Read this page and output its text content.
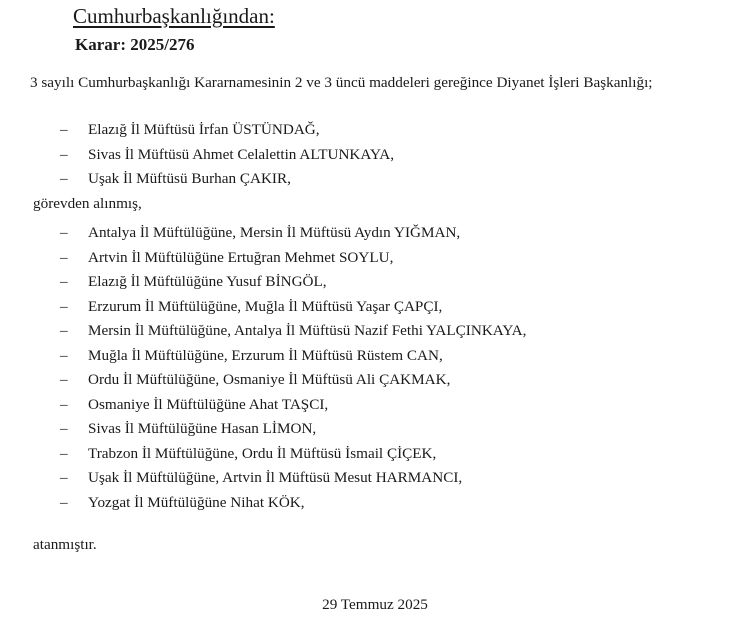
Cumhurbaşkanlığından:
Karar: 2025/276
3 sayılı Cumhurbaşkanlığı Kararnamesinin 2 ve 3 üncü maddeleri gereğince Diyanet İşleri Başkanlığı;
– Elazığ İl Müftüsü İrfan ÜSTÜNDAĞ,
– Sivas İl Müftüsü Ahmet Celalettin ALTUNKAYA,
– Uşak İl Müftüsü Burhan ÇAKIR,
görevden alınmış,
– Antalya İl Müftülüğüne, Mersin İl Müftüsü Aydın YIĞMAN,
– Artvin İl Müftülüğüne Ertuğran Mehmet SOYLU,
– Elazığ İl Müftülüğüne Yusuf BİNGÖL,
– Erzurum İl Müftülüğüne, Muğla İl Müftüsü Yaşar ÇAPÇI,
– Mersin İl Müftülüğüne, Antalya İl Müftüsü Nazif Fethi YALÇINKAYA,
– Muğla İl Müftülüğüne, Erzurum İl Müftüsü Rüstem CAN,
– Ordu İl Müftülüğüne, Osmaniye İl Müftüsü Ali ÇAKMAK,
– Osmaniye İl Müftülüğüne Ahat TAŞCI,
– Sivas İl Müftülüğüne Hasan LİMON,
– Trabzon İl Müftülüğüne, Ordu İl Müftüsü İsmail ÇİÇEK,
– Uşak İl Müftülüğüne, Artvin İl Müftüsü Mesut HARMANCI,
– Yozgat İl Müftülüğüne Nihat KÖK,
atanmıştır.
29 Temmuz 2025
